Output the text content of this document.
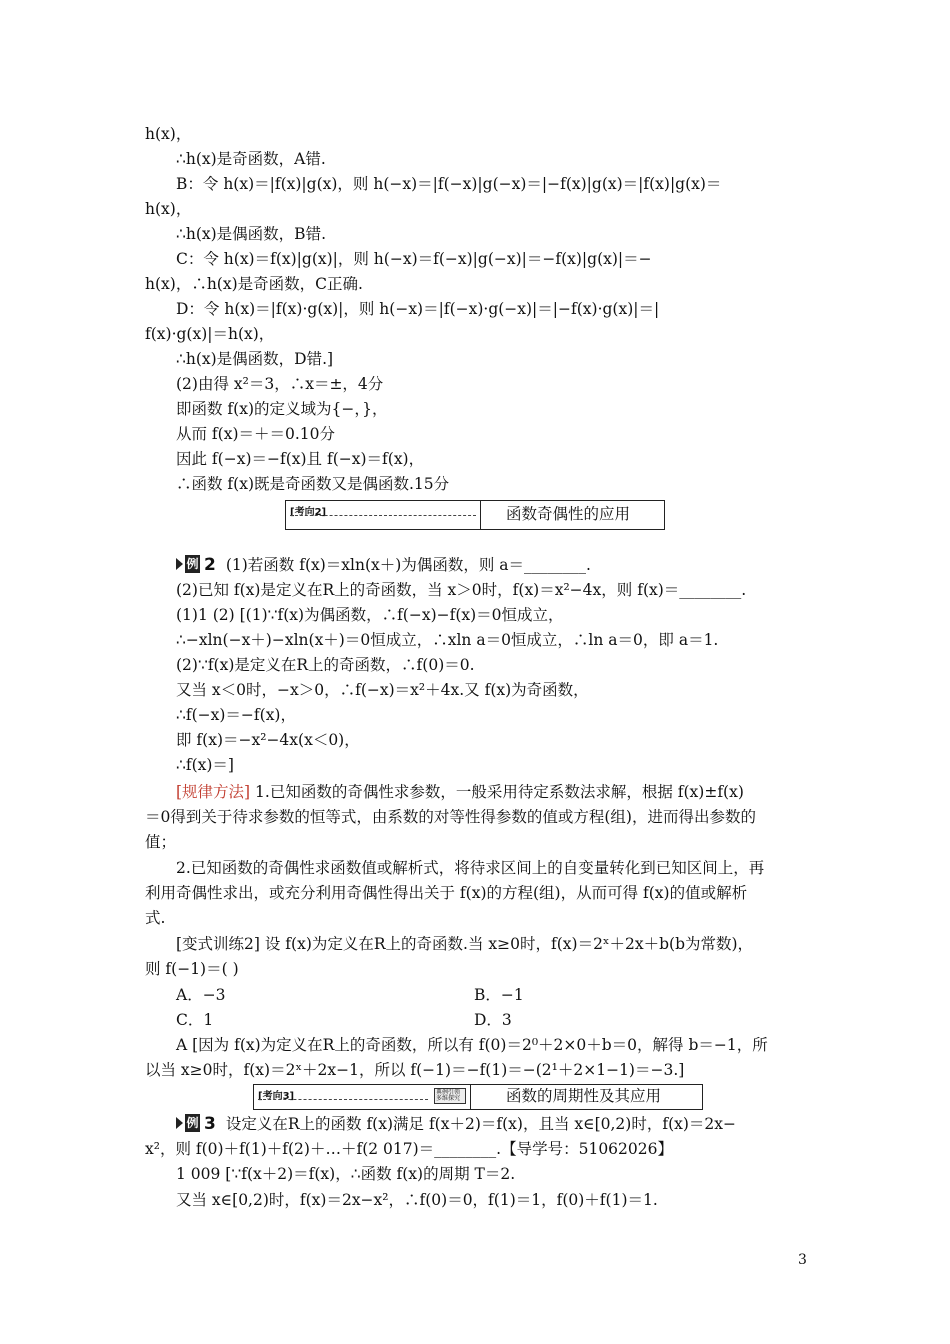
h(x)，
∴h(x)是奇函数，A错.
B：令 h(x)＝|f(x)|g(x)，则 h(−x)＝|f(−x)|g(−x)＝|−f(x)|g(x)＝|f(x)|g(x)＝
h(x)，
∴h(x)是偶函数，B错.
C：令 h(x)＝f(x)|g(x)|，则 h(−x)＝f(−x)|g(−x)|＝−f(x)|g(x)|＝−
h(x)，∴h(x)是奇函数，C正确.
D：令 h(x)＝|f(x)·g(x)|，则 h(−x)＝|f(−x)·g(−x)|＝|−f(x)·g(x)|＝|
f(x)·g(x)|＝h(x)，
∴h(x)是偶函数，D错.]
(2)由得 x²＝3，∴x＝±，4分
即函数 f(x)的定义域为{−，}，
从而 f(x)＝＋＝0.10分
因此 f(−x)＝−f(x)且 f(−x)＝f(x)，
∴函数 f(x)既是奇函数又是偶函数.15分
[考向2]	函数奇偶性的应用
例 2 (1)若函数 f(x)＝xln(x＋)为偶函数，则 a＝________.
(2)已知 f(x)是定义在R上的奇函数，当 x＞0时，f(x)＝x²−4x，则 f(x)＝________.
(1)1 (2) [(1)∵f(x)为偶函数，∴f(−x)−f(x)＝0恒成立，
∴−xln(−x＋)−xln(x＋)＝0恒成立，∴xln a＝0恒成立，∴ln a＝0，即 a＝1.
(2)∵f(x)是定义在R上的奇函数，∴f(0)＝0.
又当 x＜0时，−x＞0，∴f(−x)＝x²＋4x.又 f(x)为奇函数，
∴f(−x)＝−f(x)，
即 f(x)＝−x²−4x(x＜0)，
∴f(x)＝]
[规律方法] 1.已知函数的奇偶性求参数，一般采用待定系数法求解，根据 f(x)±f(x)
＝0得到关于待求参数的恒等式，由系数的对等性得参数的值或方程(组)，进而得出参数的
值；
2.已知函数的奇偶性求函数值或解析式，将待求区间上的自变量转化到已知区间上，再
利用奇偶性求出，或充分利用奇偶性得出关于 f(x)的方程(组)，从而可得 f(x)的值或解析
式.
[变式训练2] 设 f(x)为定义在R上的奇函数.当 x≥0时，f(x)＝2ˣ＋2x＋b(b为常数)，
则 f(−1)＝( )
A．−3	B．−1
C．1	D．3
A [因为 f(x)为定义在R上的奇函数，所以有 f(0)＝2⁰＋2×0＋b＝0，解得 b＝−1，所
以当 x≥0时，f(x)＝2ˣ＋2x−1，所以 f(−1)＝−f(1)＝−(2¹＋2×1−1)＝−3.]
[考向3]	典例引领 多维探究	函数的周期性及其应用
例 3 设定义在R上的函数 f(x)满足 f(x＋2)＝f(x)，且当 x∈[0,2)时，f(x)＝2x−
x²，则 f(0)＋f(1)＋f(2)＋…＋f(2 017)＝________.【导学号：51062026】
1 009 [∵f(x＋2)＝f(x)，∴函数 f(x)的周期 T＝2.
又当 x∈[0,2)时，f(x)＝2x−x²，∴f(0)＝0，f(1)＝1，f(0)＋f(1)＝1.
3
